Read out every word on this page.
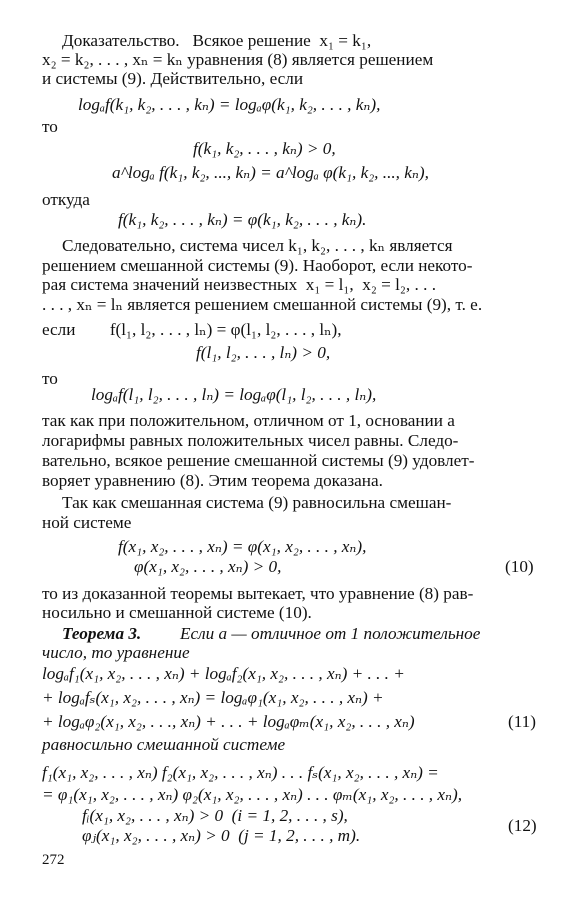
Доказательство.   Всякое решение  x₁ = k₁,
x₂ = k₂, . . . , xₙ = kₙ уравнения (8) является решением
и системы (9). Действительно, если
logₐf(k₁, k₂, . . . , kₙ) = logₐφ(k₁, k₂, . . . , kₙ),
то
f(k₁, k₂, . . . , kₙ) > 0,
a^logₐ f(k₁, k₂, ..., kₙ) = a^logₐ φ(k₁, k₂, ..., kₙ),
откуда
f(k₁, k₂, . . . , kₙ) = φ(k₁, k₂, . . . , kₙ).
Следовательно, система чисел k₁, k₂, . . . , kₙ является
решением смешанной системы (9). Наоборот, если некото-
рая система значений неизвестных  x₁ = l₁,  x₂ = l₂, . . .
. . . , xₙ = lₙ является решением смешанной системы (9), т. е.
если        f(l₁, l₂, . . . , lₙ) = φ(l₁, l₂, . . . , lₙ),
f(l₁, l₂, . . . , lₙ) > 0,
то
logₐf(l₁, l₂, . . . , lₙ) = logₐφ(l₁, l₂, . . . , lₙ),
так как при положительном, отличном от 1, основании a
логарифмы равных положительных чисел равны. Следо-
вательно, всякое решение смешанной системы (9) удовлет-
воряет уравнению (8). Этим теорема доказана.
Так как смешанная система (9) равносильна смешан-
ной системе
f(x₁, x₂, . . . , xₙ) = φ(x₁, x₂, . . . , xₙ),
φ(x₁, x₂, . . . , xₙ) > 0,
то из доказанной теоремы вытекает, что уравнение (8) рав-
носильно и смешанной системе (10).
Если a — отличное от 1 положительное
число, то уравнение
logₐf₁(x₁, x₂, . . . , xₙ) + logₐf₂(x₁, x₂, . . . , xₙ) + . . . +
+ logₐfₛ(x₁, x₂, . . . , xₙ) = logₐφ₁(x₁, x₂, . . . , xₙ) +
+ logₐφ₂(x₁, x₂, . . ., xₙ) + . . . + logₐφₘ(x₁, x₂, . . . , xₙ)
равносильно смешанной системе
f₁(x₁, x₂, . . . , xₙ) f₂(x₁, x₂, . . . , xₙ) . . . fₛ(x₁, x₂, . . . , xₙ) =
= φ₁(x₁, x₂, . . . , xₙ) φ₂(x₁, x₂, . . . , xₙ) . . . φₘ(x₁, x₂, . . . , xₙ),
fᵢ(x₁, x₂, . . . , xₙ) > 0  (i = 1, 2, . . . , s),
φⱼ(x₁, x₂, . . . , xₙ) > 0  (j = 1, 2, . . . , m).
Теорема 3.
(10)
(11)
(12)
272
